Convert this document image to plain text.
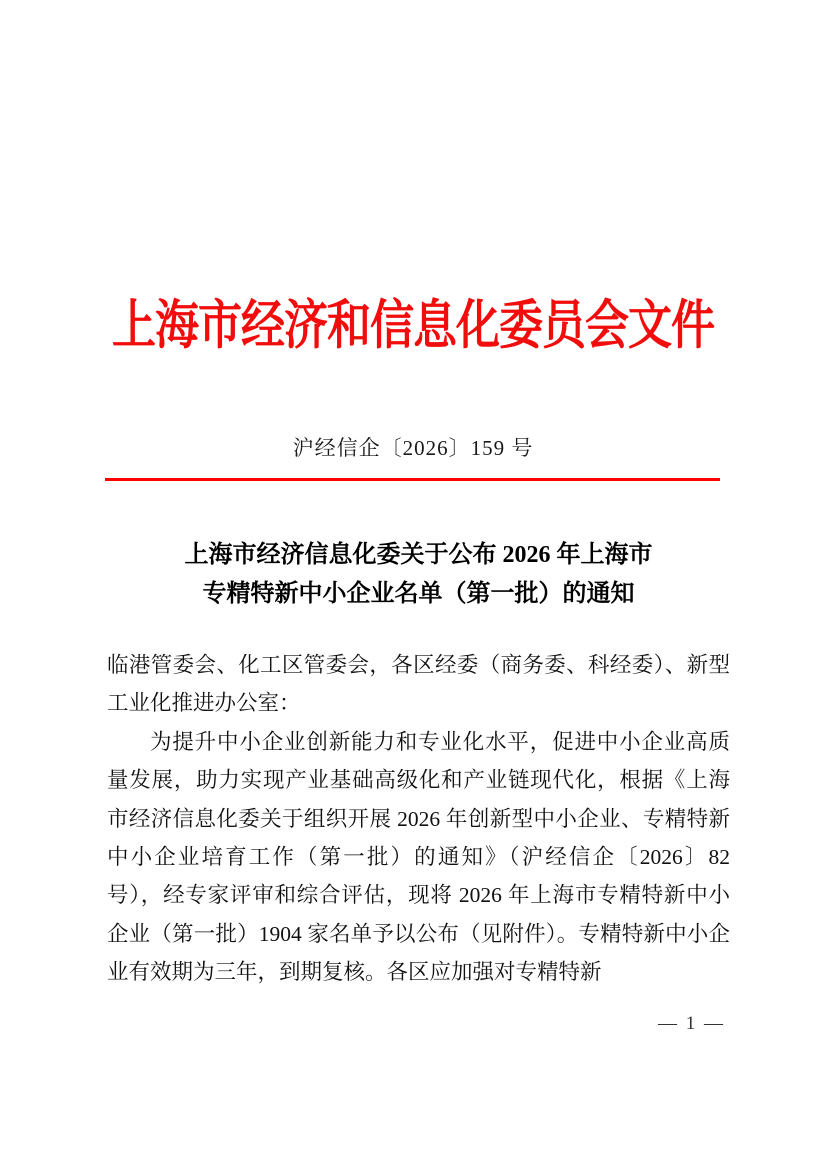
上海市经济和信息化委员会文件
沪经信企〔2026〕159 号
上海市经济信息化委关于公布 2026 年上海市
专精特新中小企业名单（第一批）的通知

临港管委会、化工区管委会，各区经委（商务委、科经委）、新型工业化推进办公室：

为提升中小企业创新能力和专业化水平，促进中小企业高质量发展，助力实现产业基础高级化和产业链现代化，根据《上海市经济信息化委关于组织开展 2026 年创新型中小企业、专精特新中小企业培育工作（第一批）的通知》（沪经信企〔2026〕82 号），经专家评审和综合评估，现将 2026 年上海市专精特新中小企业（第一批）1904 家名单予以公布（见附件）。专精特新中小企业有效期为三年，到期复核。各区应加强对专精特新

— 1 —
